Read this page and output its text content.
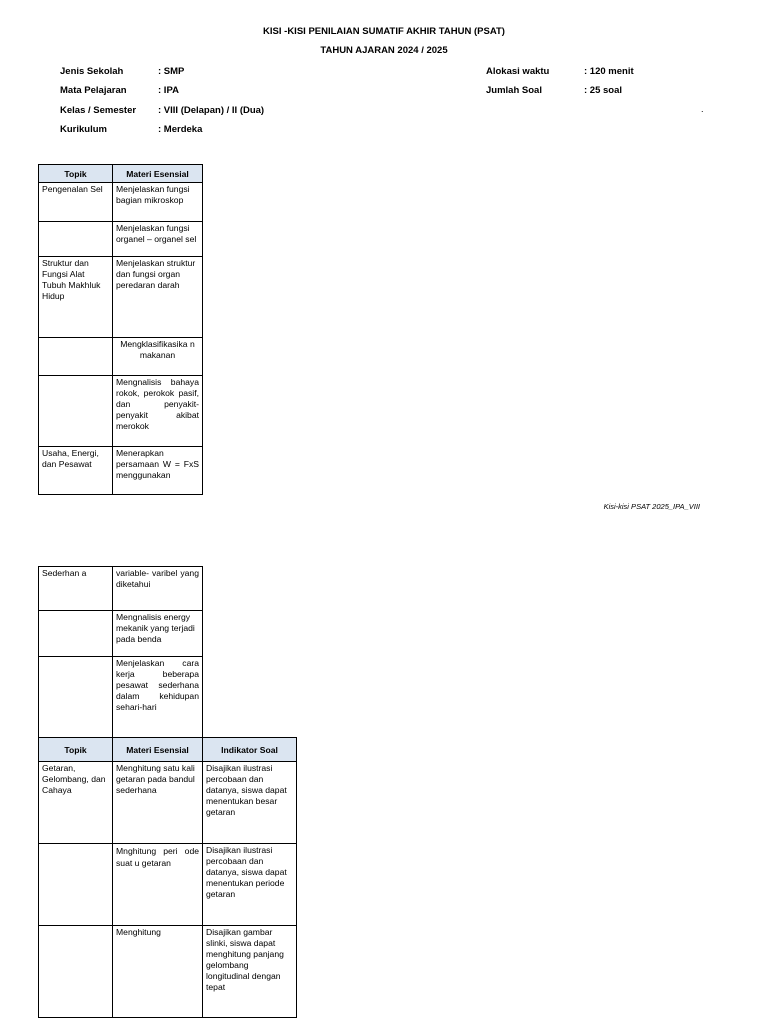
KISI -KISI PENILAIAN SUMATIF AKHIR TAHUN (PSAT)
TAHUN AJARAN 2024 / 2025
Jenis Sekolah	: SMP
Mata Pelajaran	: IPA
Kelas / Semester : VIII (Delapan) / II (Dua)
Kurikulum	: Merdeka
Alokasi waktu	: 120 menit
Jumlah Soal	: 25 soal
.
Topik	Materi Esensial
Pengenalan Sel	Menjelaskan fungsi bagian mikroskop
	Menjelaskan fungsi organel – organel sel
Struktur dan Fungsi Alat Tubuh Makhluk Hidup	Menjelaskan struktur dan fungsi organ peredaran darah
	Mengklasifikasika n makanan
	Mengnalisis bahaya rokok, perokok pasif, dan penyakit-penyakit akibat merokok
Usaha, Energi, dan Pesawat	Menerapkan persamaan W = FxS menggunakan
Kisi-kisi PSAT 2025_IPA_VIII
Sederhan a	variable- varibel yang diketahui
	Mengnalisis energy mekanik yang terjadi pada benda
	Menjelaskan cara kerja beberapa pesawat sederhana dalam kehidupan sehari-hari
Topik	Materi Esensial	Indikator Soal
Getaran, Gelombang, dan Cahaya	Menghitung satu kali getaran pada bandul sederhana	Disajikan ilustrasi percobaan dan datanya, siswa dapat menentukan besar getaran
	Mnghitung peri ode suat u getaran	Disajikan ilustrasi percobaan dan datanya, siswa dapat menentukan periode getaran
	Menghitung	Disajikan gambar slinki, siswa dapat menghitung panjang gelombang longitudinal dengan tepat
